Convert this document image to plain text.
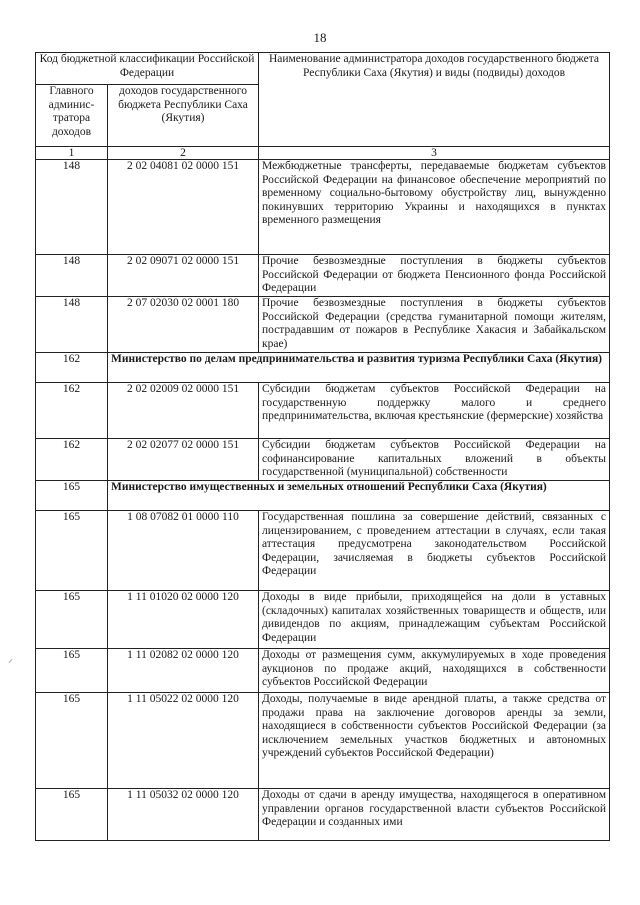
18
Код бюджетной классификации Российской Федерации		Наименование администратора доходов государственного бюджета Республики Саха (Якутия) и виды (подвиды) доходов
Главного админис-тратора доходов	доходов государственного бюджета Республики Саха (Якутия)	
1	2	3
148	2 02 04081 02 0000 151	Межбюджетные трансферты, передаваемые бюджетам субъектов Российской Федерации на финансовое обеспечение мероприятий по временному социально-бытовому обустройству лиц, вынужденно покинувших территорию Украины и находящихся в пунктах временного размещения
148	2 02 09071 02 0000 151	Прочие безвозмездные поступления в бюджеты субъектов Российской Федерации от бюджета Пенсионного фонда Российской Федерации
148	2 07 02030 02 0001 180	Прочие безвозмездные поступления в бюджеты субъектов Российской Федерации (средства гуманитарной помощи жителям, пострадавшим от пожаров в Республике Хакасия и Забайкальском крае)
162	Министерство по делам предпринимательства и развития туризма Республики Саха (Якутия)	
162	2 02 02009 02 0000 151	Субсидии бюджетам субъектов Российской Федерации на государственную поддержку малого и среднего предпринимательства, включая крестьянские (фермерские) хозяйства
162	2 02 02077 02 0000 151	Субсидии бюджетам субъектов Российской Федерации на софинансирование капитальных вложений в объекты государственной (муниципальной) собственности
165	Министерство имущественных и земельных отношений Республики Саха (Якутия)	
165	1 08 07082 01 0000 110	Государственная пошлина за совершение действий, связанных с лицензированием, с проведением аттестации в случаях, если такая аттестация предусмотрена законодательством Российской Федерации, зачисляемая в бюджеты субъектов Российской Федерации
165	1 11 01020 02 0000 120	Доходы в виде прибыли, приходящейся на доли в уставных (складочных) капиталах хозяйственных товариществ и обществ, или дивидендов по акциям, принадлежащим субъектам Российской Федерации
165	1 11 02082 02 0000 120	Доходы от размещения сумм, аккумулируемых в ходе проведения аукционов по продаже акций, находящихся в собственности субъектов Российской Федерации
165	1 11 05022 02 0000 120	Доходы, получаемые в виде арендной платы, а также средства от продажи права на заключение договоров аренды за земли, находящиеся в собственности субъектов Российской Федерации (за исключением земельных участков бюджетных и автономных учреждений субъектов Российской Федерации)
165	1 11 05032 02 0000 120	Доходы от сдачи в аренду имущества, находящегося в оперативном управлении органов государственной власти субъектов Российской Федерации и созданных ими
⸝
